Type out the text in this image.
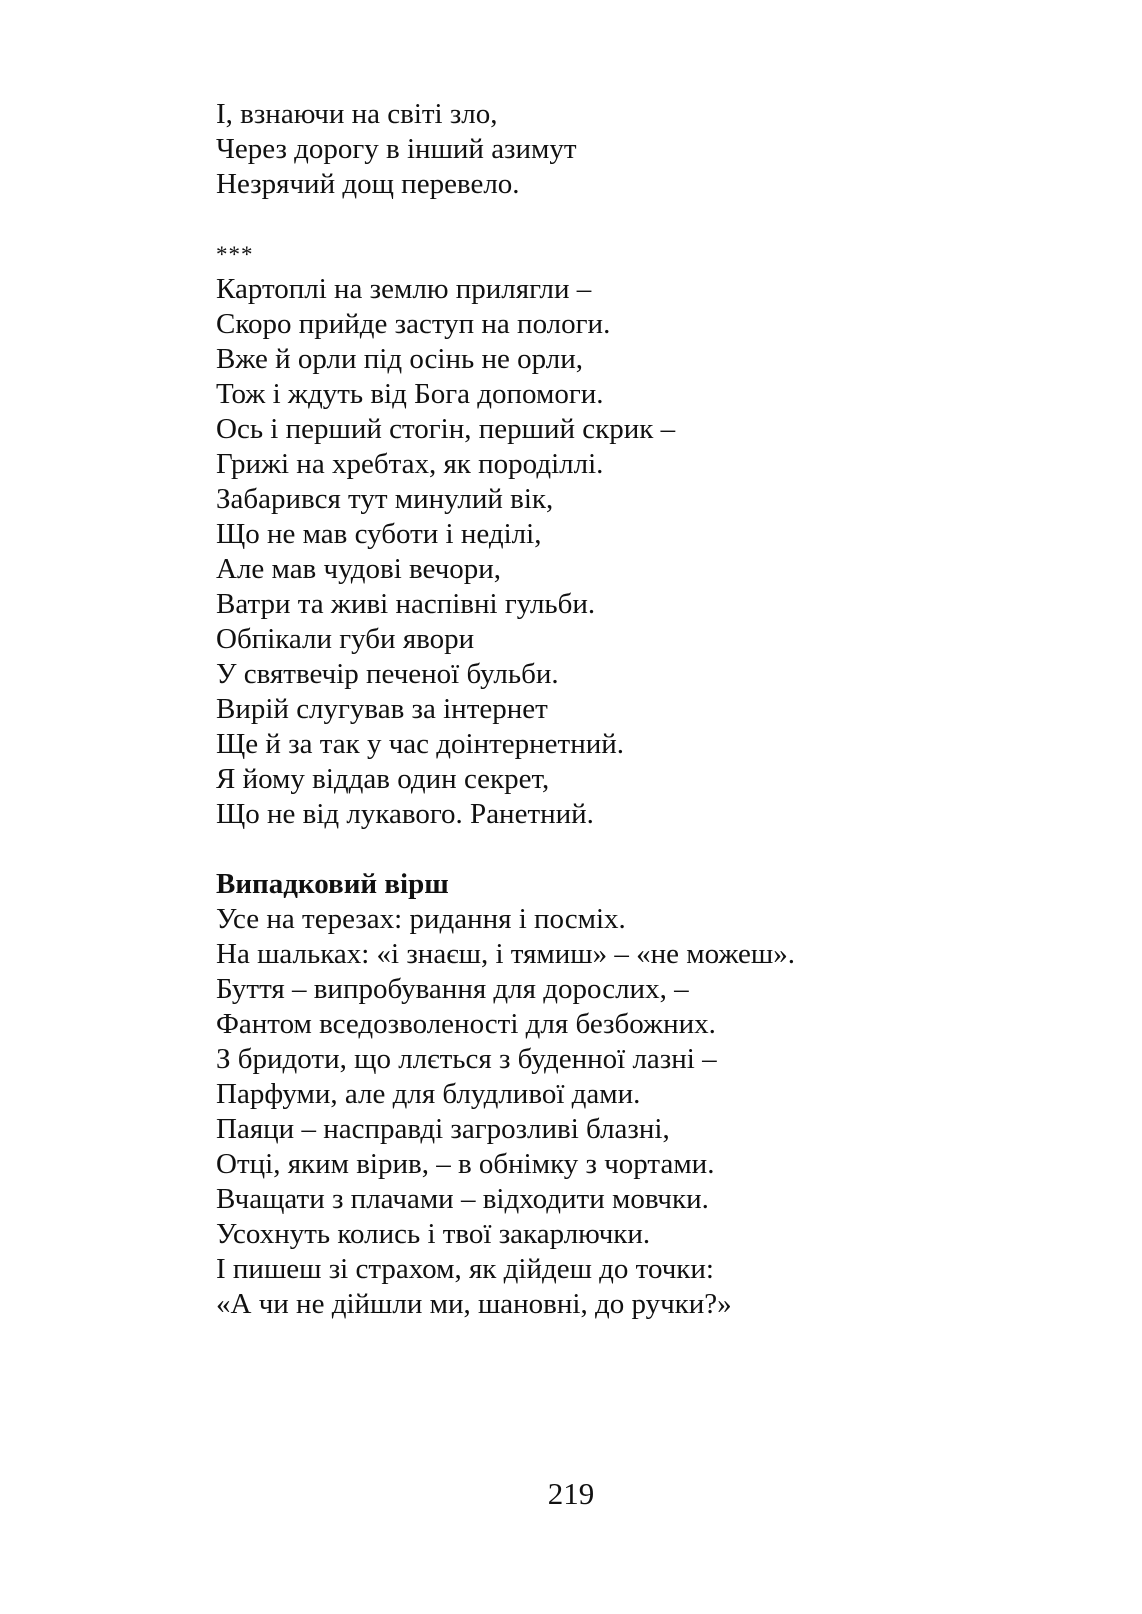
І, взнаючи на світі зло,
Через дорогу в інший азимут
Незрячий дощ перевело.
***
Картоплі на землю прилягли –
Скоро прийде заступ на пологи.
Вже й орли під осінь не орли,
Тож і ждуть від Бога допомоги.
Ось і перший стогін, перший скрик –
Грижі на хребтах, як породіллі.
Забарився тут минулий вік,
Що не мав суботи і неділі,
Але мав чудові вечори,
Ватри та живі наспівні гульби.
Обпікали губи явори
У святвечір печеної бульби.
Вирій слугував за інтернет
Ще й за так у час доінтернетний.
Я йому віддав один секрет,
Що не від лукавого. Ранетний.
Випадковий вірш
Усе на терезах: ридання і посміх.
На шальках: «і знаєш, і тямиш» – «не можеш».
Буття – випробування для дорослих, –
Фантом вседозволеності для безбожних.
З бридоти, що ллється з буденної лазні –
Парфуми, але для блудливої дами.
Паяци – насправді загрозливі блазні,
Отці, яким вірив, – в обнімку з чортами.
Вчащати з плачами – відходити мовчки.
Усохнуть колись і твої закарлючки.
І пишеш зі страхом, як дійдеш до точки:
«А чи не дійшли ми, шановні, до ручки?»
219
